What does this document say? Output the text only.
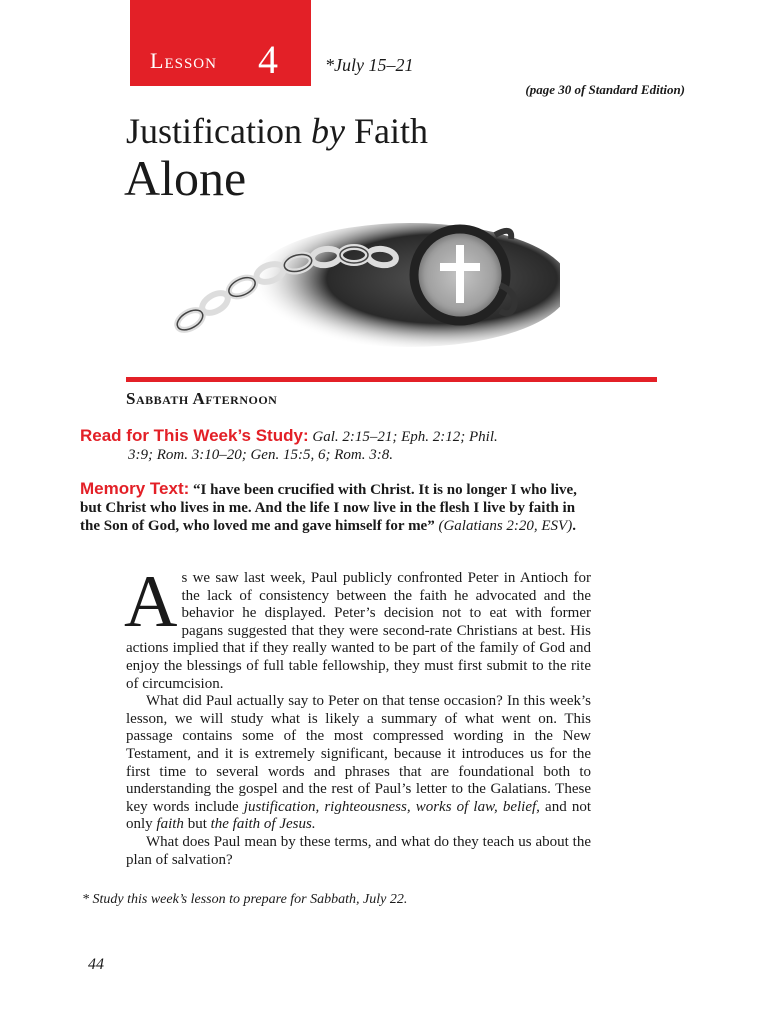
Lesson 4	*July 15–21
(page 30 of Standard Edition)
Justification by Faith
Alone
Sabbath Afternoon
Read for This Week’s Study: Gal. 2:15–21; Eph. 2:12; Phil.
3:9; Rom. 3:10–20; Gen. 15:5, 6; Rom. 3:8.
Memory Text: “I have been crucified with Christ. It is no longer I who live, but Christ who lives in me. And the life I now live in the flesh I live by faith in the Son of God, who loved me and gave himself for me” (Galatians 2:20, ESV).

As we saw last week, Paul publicly confronted Peter in Antioch for the lack of consistency between the faith he advocated and the behavior he displayed. Peter’s decision not to eat with former pagans suggested that they were second-rate Christians at best. His actions implied that if they really wanted to be part of the family of God and enjoy the blessings of full table fellowship, they must first submit to the rite of circumcision.

What did Paul actually say to Peter on that tense occasion? In this week’s lesson, we will study what is likely a summary of what went on. This passage contains some of the most compressed wording in the New Testament, and it is extremely significant, because it introduces us for the first time to several words and phrases that are foundational both to understanding the gospel and the rest of Paul’s letter to the Galatians. These key words include justification, righteousness, works of law, belief, and not only faith but the faith of Jesus.

What does Paul mean by these terms, and what do they teach us about the plan of salvation?

* Study this week’s lesson to prepare for Sabbath, July 22.
44
